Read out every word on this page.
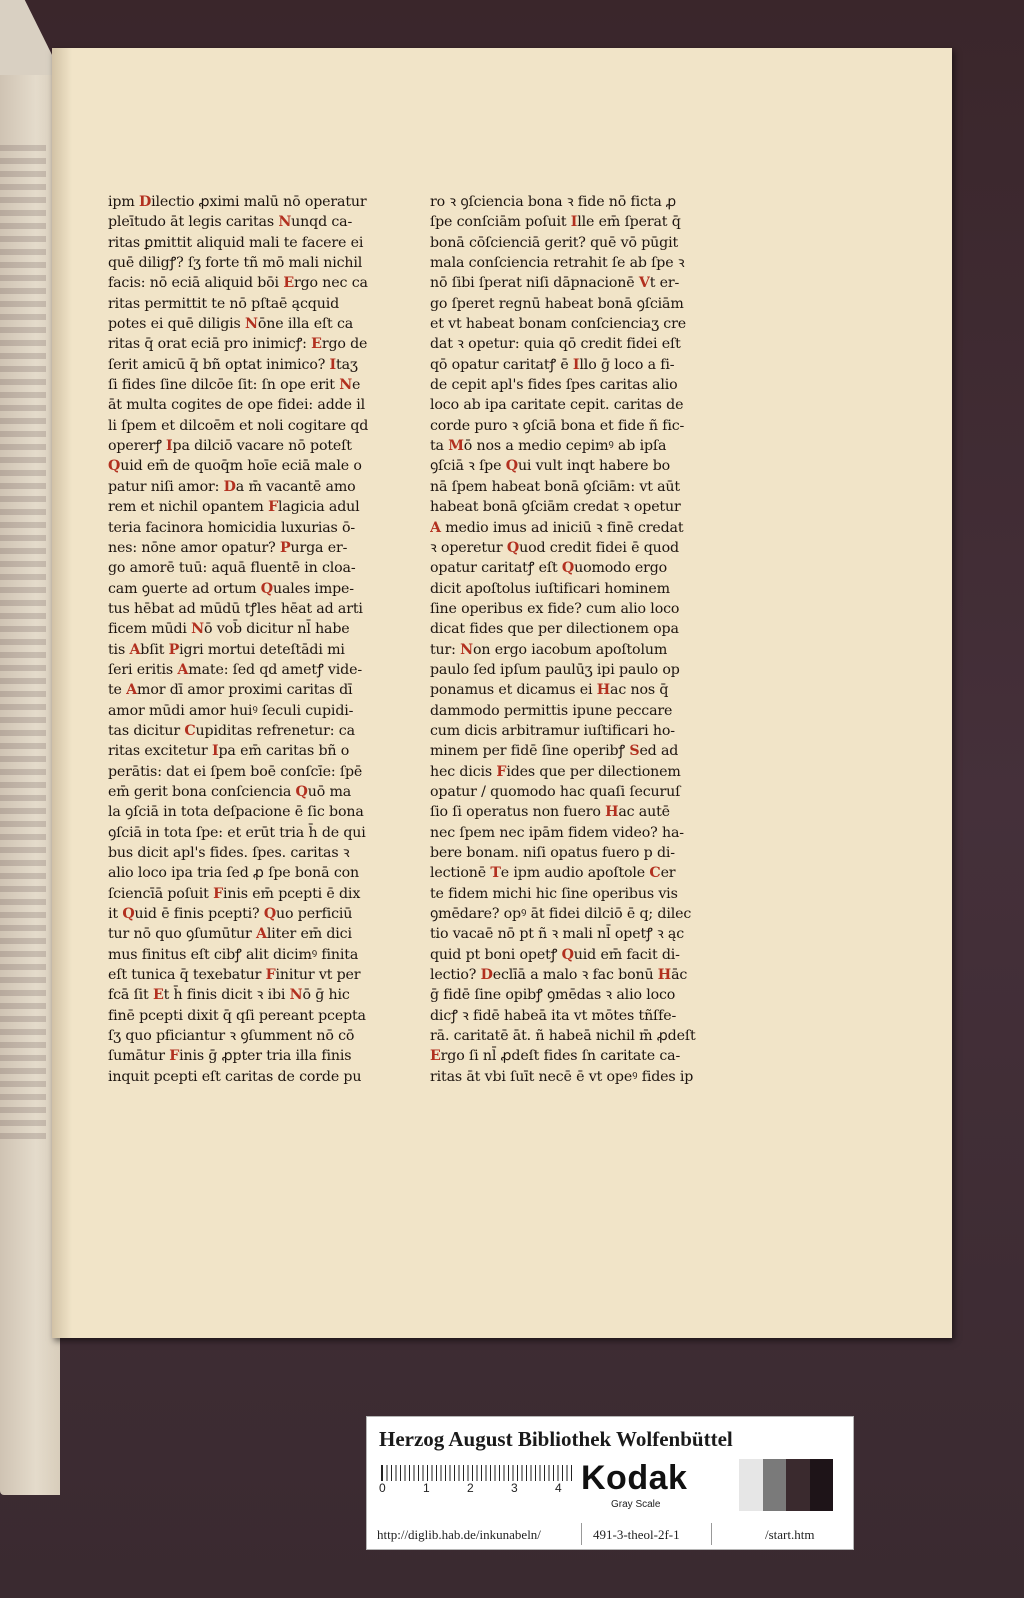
ipm Dilectio ꝓximi malū nō operatur
pleītudo āt legis caritas Nunqd ca-
ritas ꝑmittit aliquid mali te facere ei
quē diligꝭ? ſʒ forte tñ mō mali nichil
facis: nō eciā aliquid bōi Ergo nec ca
ritas permittit te nō pſtaē ącquid
potes ei quē diligis Nōne illa eſt ca
ritas q̄ orat eciā pro inimicꝭ: Ergo de
ſerit amicū q̄ bñ optat inimico? Itaʒ
ſi fides ſine dilcōe ſit: ſn ope erit Ne
āt multa cogites de ope fidei: adde il
li ſpem et dilcoēm et noli cogitare qd
opererꝭ Ipa dilciō vacare nō poteſt
Quid em̄ de quoq̄m hoīe eciā male o
patur niſi amor: Da m̄ vacantē amo
rem et nichil opantem Flagicia adul
teria facinora homicidia luxurias ō-
nes: nōne amor opatur? Purga er-
go amorē tuū: aquā fluentē in cloa-
cam ꝯuerte ad ortum Quales impe-
tus hēbat ad mūdū tꝭles hēat ad arti
ficem mūdi Nō vob̄ dicitur nl̄ habe
tis Abſit Pigri mortui deteſtādi mi
ſeri eritis Amate: ſed qd ametꝭ vide-
te Amor dī amor proximi caritas dī
amor mūdi amor huiꝰ ſeculi cupidi-
tas dicitur Cupiditas refrenetur: ca
ritas excitetur Ipa em̄ caritas bñ o
perātis: dat ei ſpem boē conſcīe: ſpē
em̄ gerit bona conſciencia Quō ma
la ꝯſciā in tota deſpacione ē ſic bona
ꝯſciā in tota ſpe: et erūt tria h̄ de qui
bus dicit apl's fides. ſpes. caritas ꝛ
alio loco ipa tria ſed ꝓ ſpe bonā con
ſciencīā poſuit Finis em̄ pcepti ē dix
it Quid ē finis pcepti? Quo perficiū
tur nō quo ꝯſumūtur Aliter em̄ dici
mus finitus eſt cibꝭ alit dicimꝰ finita
eſt tunica q̄ texebatur Finitur vt per
fcā ſit Et h̄ finis dicit ꝛ ibi Nō ḡ hic
finē pcepti dixit q̄ qſi pereant pcepta
ſʒ quo pficiantur ꝛ ꝯſumment nō cō
ſumātur Finis ḡ ꝓpter tria illa finis
inquit pcepti eſt caritas de corde pu
ro ꝛ ꝯſciencia bona ꝛ fide nō ficta ꝓ
ſpe conſciām poſuit Ille em̄ ſperat q̄
bonā cōſcienciā gerit? quē vō pūgit
mala conſciencia retrahit ſe ab ſpe ꝛ
nō ſibi ſperat niſi dāpnacionē Vt er-
go ſperet regnū habeat bonā ꝯſciām
et vt habeat bonam conſcienciaʒ cre
dat ꝛ opetur: quia qō credit fidei eſt
qō opatur caritatꝭ ē Illo ḡ loco a fi-
de cepit apl's fides ſpes caritas alio
loco ab ipa caritate cepit. caritas de
corde puro ꝛ ꝯſciā bona et fide ñ fic-
ta Mō nos a medio cepimꝰ ab ipſa
ꝯſciā ꝛ ſpe Qui vult inqt habere bo
nā ſpem habeat bonā ꝯſciām: vt aūt
habeat bonā ꝯſciām credat ꝛ opetur
A medio imus ad iniciū ꝛ finē credat
ꝛ operetur Quod credit fidei ē quod
opatur caritatꝭ eſt Quomodo ergo
dicit apoſtolus iuſtificari hominem
ſine operibus ex fide? cum alio loco
dicat fides que per dilectionem opa
tur: Non ergo iacobum apoſtolum
paulo ſed ipſum paulūʒ ipi paulo op
ponamus et dicamus ei Hac nos q̄
dammodo permittis ipune peccare
cum dicis arbitramur iuſtificari ho-
minem per fidē ſine operibꝭ Sed ad
hec dicis Fides que per dilectionem
opatur / quomodo hac quaſi ſecuruſ
ſio ſi operatus non fuero Hac autē
nec ſpem nec ipām fidem video? ha-
bere bonam. niſi opatus fuero p di-
lectionē Te ipm audio apoſtole Cer
te fidem michi hic ſine operibus vis
ꝯmēdare? opꝰ āt fidei dilciō ē q; dilec
tio vacaē nō pt ñ ꝛ mali nl̄ opetꝭ ꝛ ąc
quid pt boni opetꝭ Quid em̄ facit di-
lectio? Declīā a malo ꝛ fac bonū Hāc
ḡ fidē ſine opibꝭ ꝯmēdas ꝛ alio loco
dicꝭ ꝛ fidē habeā ita vt mōtes tñſfe-
rā. caritatē āt. ñ habeā nichil m̄ ꝓdeſt
Ergo ſi nl̄ ꝓdeſt fides ſn caritate ca-
ritas āt vbi ſuīt necē ē vt opeꝰ fides ip
Herzog August Bibliothek Wolfenbüttel
0	1	2	3	4 Kodak
Gray Scale
http://diglib.hab.de/inkunabeln/	491-3-theol-2f-1	/start.htm
